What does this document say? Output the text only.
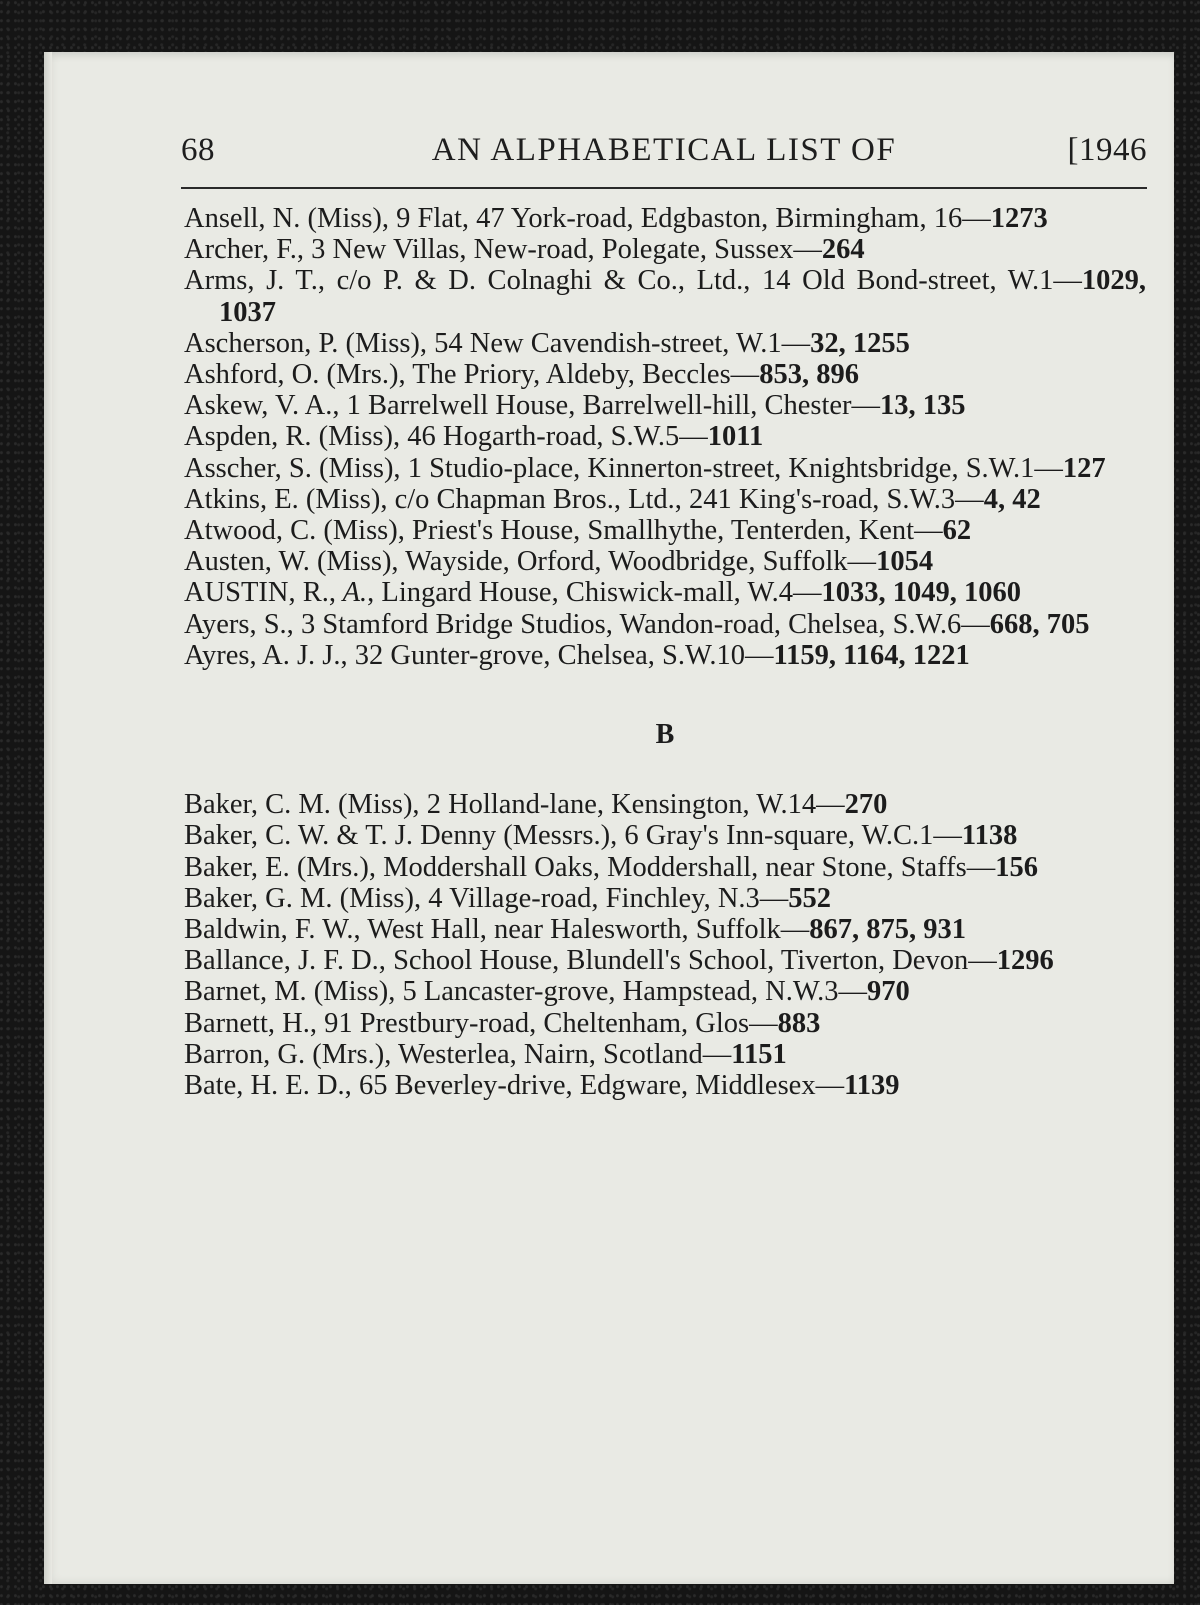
68	AN ALPHABETICAL LIST OF	[1946
Ansell, N. (Miss), 9 Flat, 47 York-road, Edgbaston, Birmingham, 16—1273
Archer, F., 3 New Villas, New-road, Polegate, Sussex—264
Arms, J. T., c/o P. & D. Colnaghi & Co., Ltd., 14 Old Bond-street, W.1—1029, 1037
Ascherson, P. (Miss), 54 New Cavendish-street, W.1—32, 1255
Ashford, O. (Mrs.), The Priory, Aldeby, Beccles—853, 896
Askew, V. A., 1 Barrelwell House, Barrelwell-hill, Chester—13, 135
Aspden, R. (Miss), 46 Hogarth-road, S.W.5—1011
Asscher, S. (Miss), 1 Studio-place, Kinnerton-street, Knightsbridge, S.W.1—127
Atkins, E. (Miss), c/o Chapman Bros., Ltd., 241 King's-road, S.W.3—4, 42
Atwood, C. (Miss), Priest's House, Smallhythe, Tenterden, Kent—62
Austen, W. (Miss), Wayside, Orford, Woodbridge, Suffolk—1054
AUSTIN, R., A., Lingard House, Chiswick-mall, W.4—1033, 1049, 1060
Ayers, S., 3 Stamford Bridge Studios, Wandon-road, Chelsea, S.W.6—668, 705
Ayres, A. J. J., 32 Gunter-grove, Chelsea, S.W.10—1159, 1164, 1221
B
Baker, C. M. (Miss), 2 Holland-lane, Kensington, W.14—270
Baker, C. W. & T. J. Denny (Messrs.), 6 Gray's Inn-square, W.C.1—1138
Baker, E. (Mrs.), Moddershall Oaks, Moddershall, near Stone, Staffs—156
Baker, G. M. (Miss), 4 Village-road, Finchley, N.3—552
Baldwin, F. W., West Hall, near Halesworth, Suffolk—867, 875, 931
Ballance, J. F. D., School House, Blundell's School, Tiverton, Devon—1296
Barnet, M. (Miss), 5 Lancaster-grove, Hampstead, N.W.3—970
Barnett, H., 91 Prestbury-road, Cheltenham, Glos—883
Barron, G. (Mrs.), Westerlea, Nairn, Scotland—1151
Bate, H. E. D., 65 Beverley-drive, Edgware, Middlesex—1139
